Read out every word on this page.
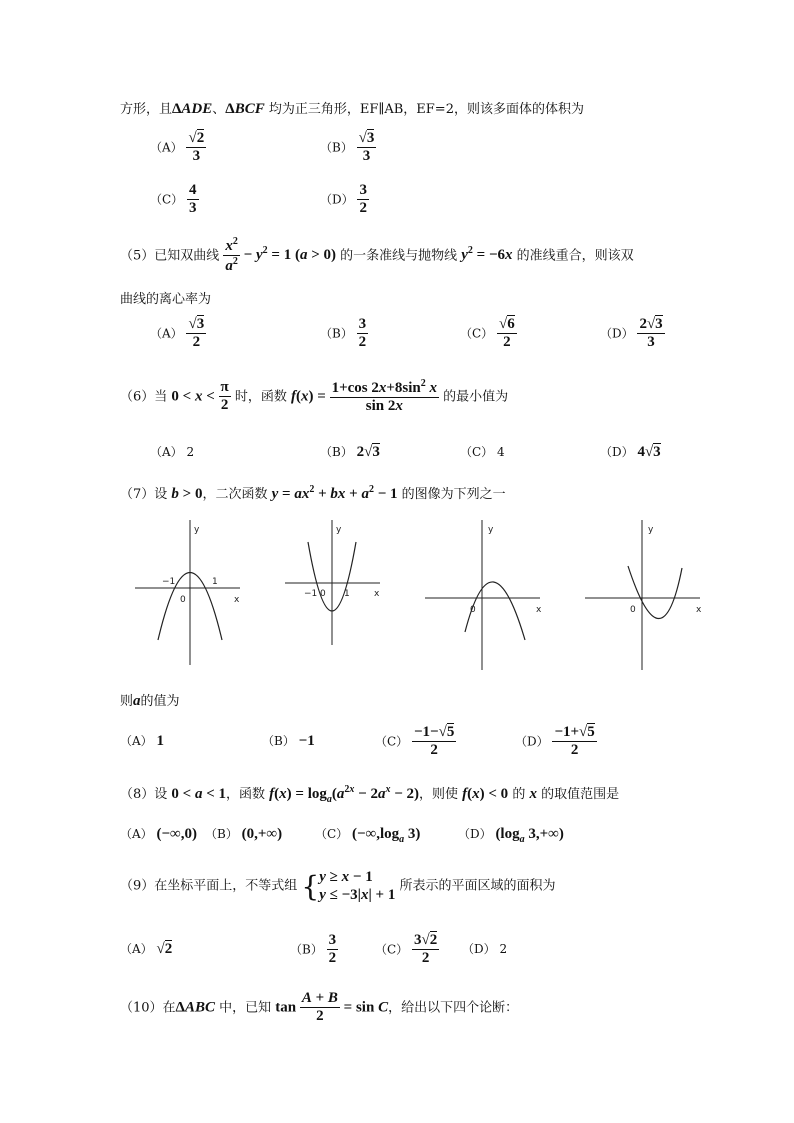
方形，且ΔADE、ΔBCF 均为正三角形，EF∥AB，EF=2，则该多面体的体积为
$(A) \frac{√2}{3}$	$(B) \frac{√3}{3}$
$(C) \frac{4}{3}$	$(D) \frac{3}{2}$
（5）已知双曲线 $\frac{x^2}{a^2} - y^2 = 1$ (a > 0) 的一条准线与抛物线 $y^2 = -6x$ 的准线重合，则该双
曲线的离心率为
$(A) \frac{√3}{2}$	$(B) \frac{3}{2}$	$(C) \frac{√6}{2}$	$(D) \frac{2√3}{3}$
（6）当 $0 < x < \frac{\pi}{2}$ 时，函数 $f(x) = \frac{1+\cos 2x+8\sin^2 x}{\sin 2x}$ 的最小值为
（A） 2	（B） 2√3	（C） 4	（D） 4√3
（7）设 b > 0，二次函数 $y = ax^2$ + bx + $a^2 - 1$ 的图像为下列之一
x
y
0
−1	1
x
y
−1 0 1
x
y
0	x
y
0
则a的值为
（A） 1	（B） −1	$(C) \frac{-1-√5}{2}$	$(D) \frac{-1+√5}{2}$
（8）设 0 < a < 1，函数 $f(x) = \log_a(a^{2x} - 2a^x - 2)$，则使 f(x) < 0 的 x 的取值范围是
（A） (−∞,0) （B） (0,+∞)	（C） ($-\infty,\log_a$ 3)	（D） ($\log_a$ 3,+∞)
（9）在坐标平面上，不等式组 {y ≥ x − 1
y ≤ −3|x| + 1 所表示的平面区域的面积为
（A） √2	$(B) \frac{3}{2}$	$(C) \frac{3√2}{2} (D)$ 2
（10）在ΔABC 中，已知 $\tan \frac{A + B}{2} = \sin C$，给出以下四个论断：
